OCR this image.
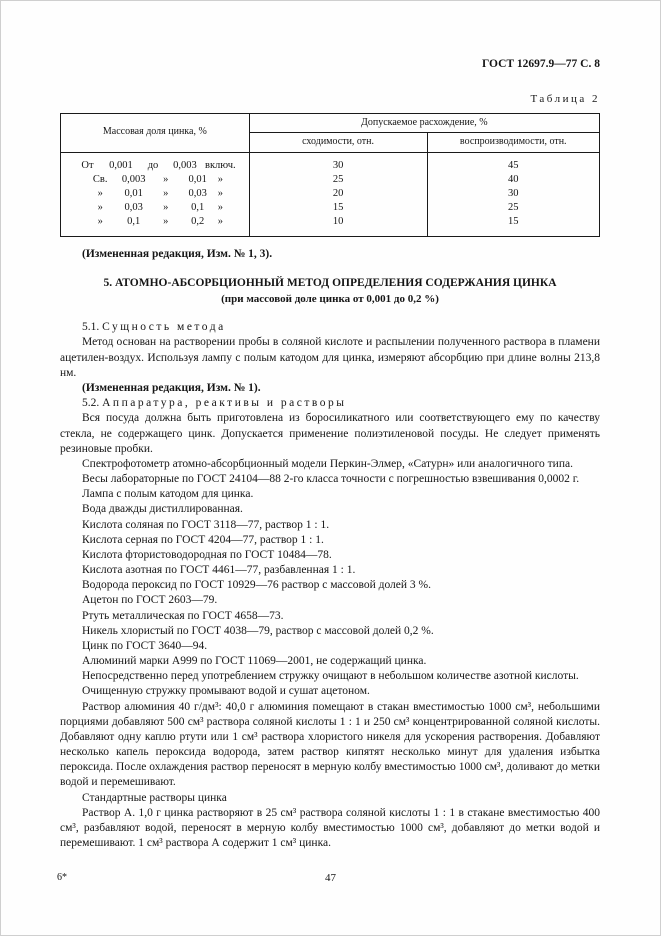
ГОСТ 12697.9—77 С. 8
Таблица 2
Массовая доля цинка, %	Допускаемое расхождение, %	
	сходимости, отн.	воспроизводимости, отн.
От 0,001 до 0,003 включ.	30	45
Св. 0,003 » 0,01 »	25	40
» 0,01 » 0,03 »	20	30
» 0,03 » 0,1 »	15	25
» 0,1 » 0,2 »	10	15

(Измененная редакция, Изм. № 1, 3).

5. АТОМНО-АБСОРБЦИОННЫЙ МЕТОД ОПРЕДЕЛЕНИЯ СОДЕРЖАНИЯ ЦИНКА
(при массовой доле цинка от 0,001 до 0,2 %)

5.1. Сущность метода

Метод основан на растворении пробы в соляной кислоте и распылении полученного раствора в пламени ацетилен-воздух. Используя лампу с полым катодом для цинка, измеряют абсорбцию при длине волны 213,8 нм.

(Измененная редакция, Изм. № 1).

5.2. Аппаратура, реактивы и растворы

Вся посуда должна быть приготовлена из боросиликатного или соответствующего ему по качеству стекла, не содержащего цинк. Допускается применение полиэтиленовой посуды. Не следует применять резиновые пробки.

Спектрофотометр атомно-абсорбционный модели Перкин-Элмер, «Сатурн» или аналогичного типа.

Весы лабораторные по ГОСТ 24104—88 2-го класса точности с погрешностью взвешивания 0,0002 г.

Лампа с полым катодом для цинка.

Вода дважды дистиллированная.

Кислота соляная по ГОСТ 3118—77, раствор 1 : 1.

Кислота серная по ГОСТ 4204—77, раствор 1 : 1.

Кислота фтористоводородная по ГОСТ 10484—78.

Кислота азотная по ГОСТ 4461—77, разбавленная 1 : 1.

Водорода пероксид по ГОСТ 10929—76 раствор с массовой долей 3 %.

Ацетон по ГОСТ 2603—79.

Ртуть металлическая по ГОСТ 4658—73.

Никель хлористый по ГОСТ 4038—79, раствор с массовой долей 0,2 %.

Цинк по ГОСТ 3640—94.

Алюминий марки А999 по ГОСТ 11069—2001, не содержащий цинка.

Непосредственно перед употреблением стружку очищают в небольшом количестве азотной кислоты.

Очищенную стружку промывают водой и сушат ацетоном.

Раствор алюминия 40 г/дм³: 40,0 г алюминия помещают в стакан вместимостью 1000 см³, небольшими порциями добавляют 500 см³ раствора соляной кислоты 1 : 1 и 250 см³ концентрированной соляной кислоты. Добавляют одну каплю ртути или 1 см³ раствора хлористого никеля для ускорения растворения. Добавляют несколько капель пероксида водорода, затем раствор кипятят несколько минут для удаления избытка пероксида. После охлаждения раствор переносят в мерную колбу вместимостью 1000 см³, доливают до метки водой и перемешивают.

Стандартные растворы цинка

Раствор А. 1,0 г цинка растворяют в 25 см³ раствора соляной кислоты 1 : 1 в стакане вместимостью 400 см³, разбавляют водой, переносят в мерную колбу вместимостью 1000 см³, добавляют до метки водой и перемешивают. 1 см³ раствора А содержит 1 см³ цинка.

6*	47
